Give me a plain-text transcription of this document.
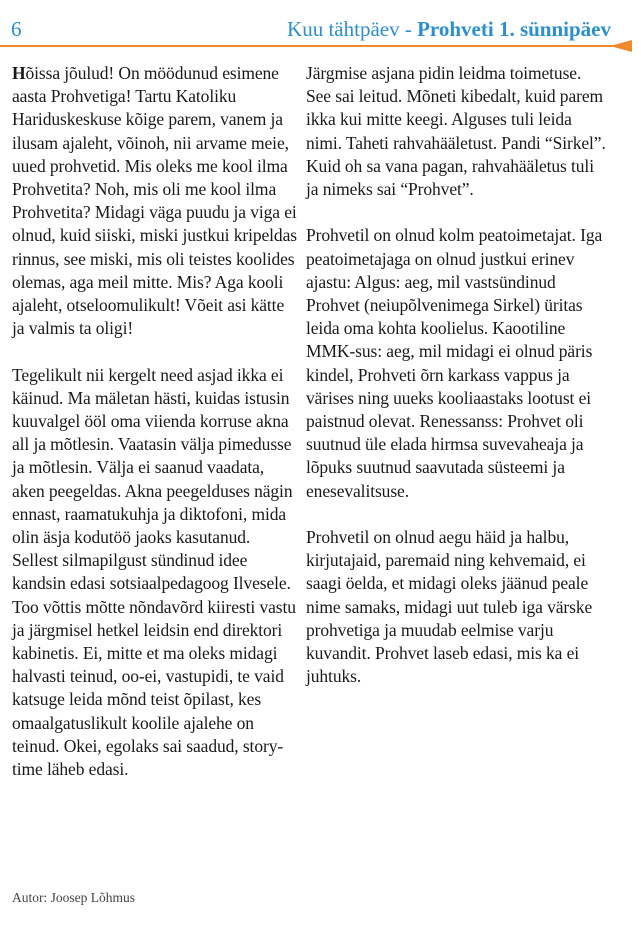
6	Kuu tähtpäev - Prohveti 1. sünnipäev

Hõissa jõulud! On möödunud esimene aasta Prohvetiga! Tartu Katoliku Hariduskeskuse kõige parem, vanem ja ilusam ajaleht, võinoh, nii arvame meie, uued prohvetid. Mis oleks me kool ilma Prohvetita? Noh, mis oli me kool ilma Prohvetita? Midagi väga puudu ja viga ei olnud, kuid siiski, miski justkui kripeldas rinnus, see miski, mis oli teistes koolides olemas, aga meil mitte. Mis? Aga kooli ajaleht, otseloomulikult! Võeit asi kätte ja valmis ta oligi!

Tegelikult nii kergelt need asjad ikka ei käinud. Ma mäletan hästi, kuidas istusin kuuvalgel ööl oma viienda korruse akna all ja mõtlesin. Vaatasin välja pimedusse ja mõtlesin. Välja ei saanud vaadata, aken peegeldas. Akna peegelduses nägin ennast, raamatukuhja ja diktofoni, mida olin äsja kodutöö jaoks kasutanud. Sellest silmapilgust sündinud idee kandsin edasi sotsiaalpedagoog Ilvesele. Too võttis mõtte nõndavõrd kiiresti vastu ja järgmisel hetkel leidsin end direktori kabinetis. Ei, mitte et ma oleks midagi halvasti teinud, oo-ei, vastupidi, te vaid katsuge leida mõnd teist õpilast, kes omaalgatuslikult koolile ajalehe on teinud. Okei, egolaks sai saadud, story-time läheb edasi.

Järgmise asjana pidin leidma toimetuse. See sai leitud. Mõneti kibedalt, kuid parem ikka kui mitte keegi. Alguses tuli leida nimi. Taheti rahvahääletust. Pandi “Sirkel”. Kuid oh sa vana pagan, rahvahääletus tuli ja nimeks sai “Prohvet”.

Prohvetil on olnud kolm peatoimetajat. Iga peatoimetajaga on olnud justkui erinev ajastu: Algus: aeg, mil vastsündinud Prohvet (neiupõlvenimega Sirkel) üritas leida oma kohta koolielus. Kaootiline MMK-sus: aeg, mil midagi ei olnud päris kindel, Prohveti õrn karkass vappus ja värises ning uueks kooliaastaks lootust ei paistnud olevat. Renessanss: Prohvet oli suutnud üle elada hirmsa suvevaheaja ja lõpuks suutnud saavutada süsteemi ja enesevalitsuse.

Prohvetil on olnud aegu häid ja halbu, kirjutajaid, paremaid ning kehvemaid, ei saagi öelda, et midagi oleks jäänud peale nime samaks, midagi uut tuleb iga värske prohvetiga ja muudab eelmise varju kuvandit. Prohvet laseb edasi, mis ka ei juhtuks.

Autor: Joosep Lõhmus
